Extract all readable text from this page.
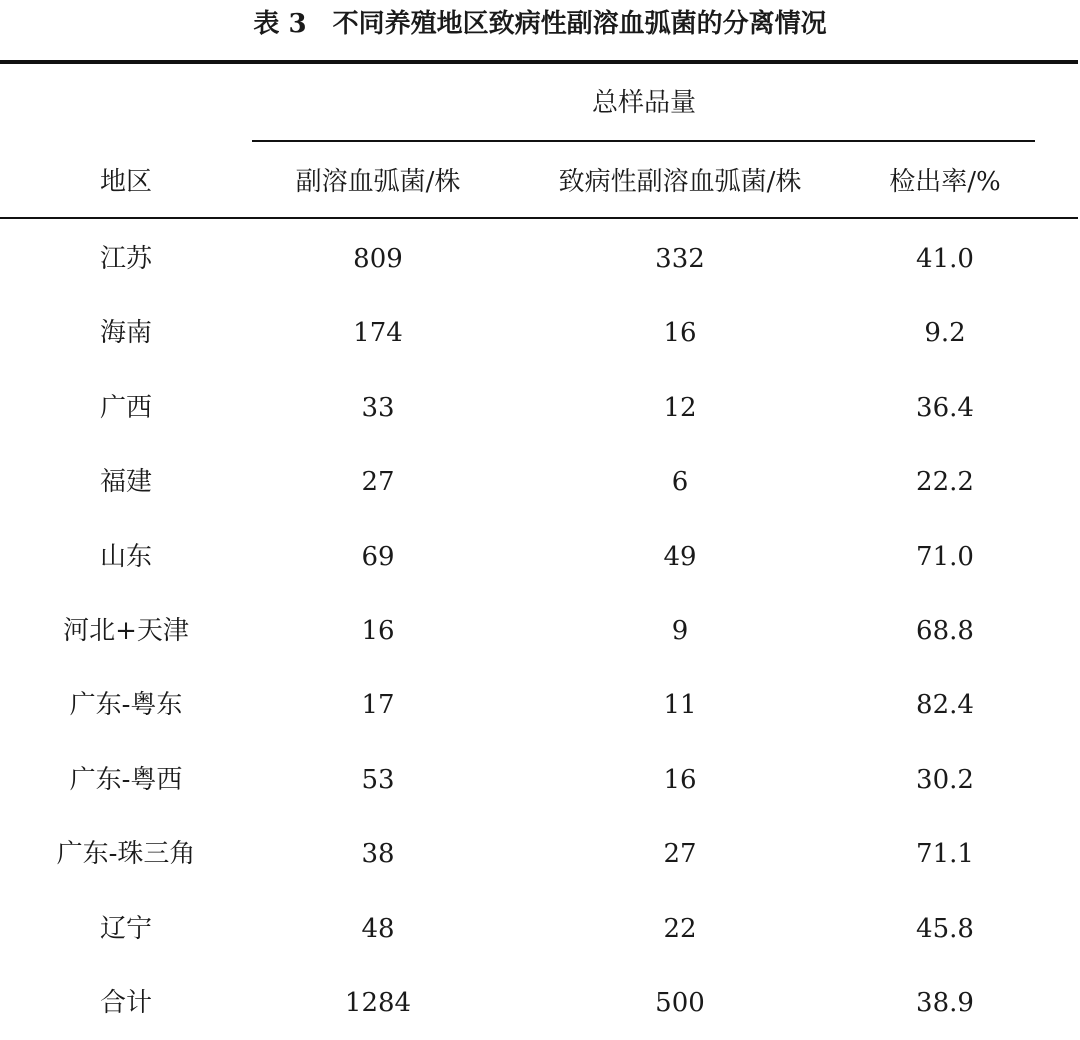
表 3　不同养殖地区致病性副溶血弧菌的分离情况
总样品量
地区	副溶血弧菌/株	致病性副溶血弧菌/株	检出率/%
江苏	809	332	41.0
海南	174	16	9.2
广西	33	12	36.4
福建	27	6	22.2
山东	69	49	71.0
河北+天津	16	9	68.8
广东-粤东	17	11	82.4
广东-粤西	53	16	30.2
广东-珠三角	38	27	71.1
辽宁	48	22	45.8
合计	1284	500	38.9
